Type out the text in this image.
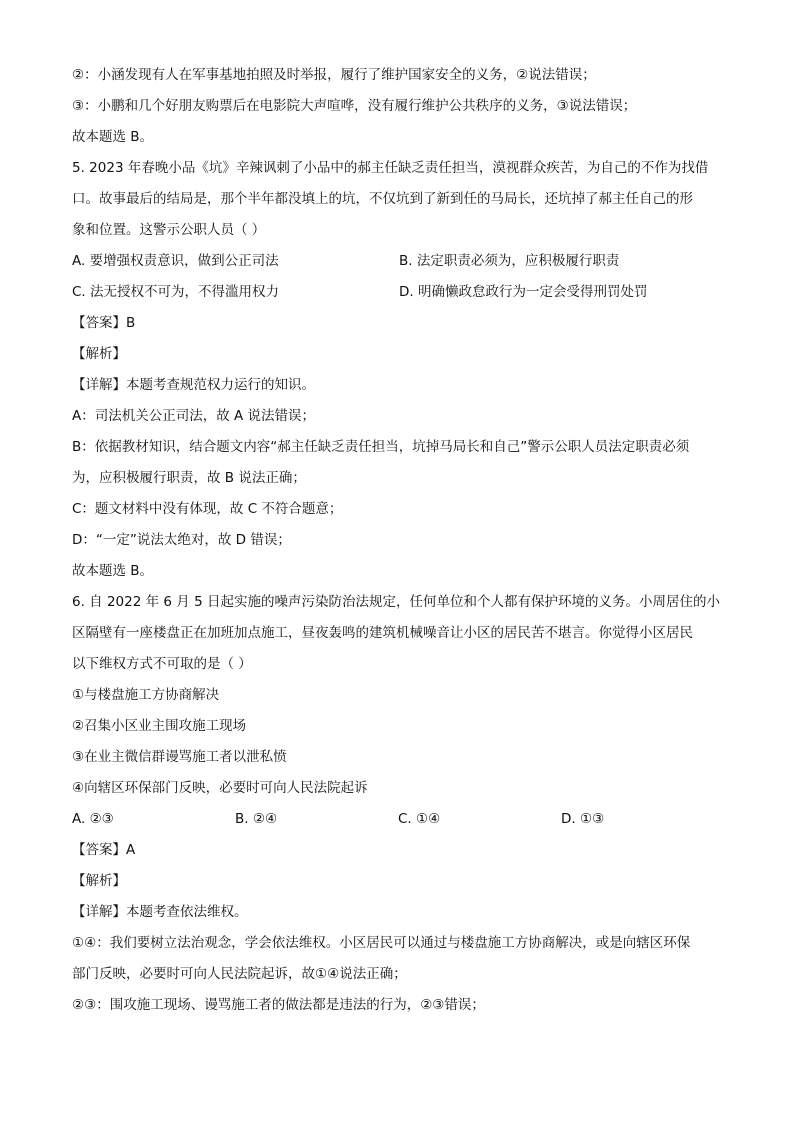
②：小涵发现有人在军事基地拍照及时举报，履行了维护国家安全的义务，②说法错误；
③：小鹏和几个好朋友购票后在电影院大声喧哗，没有履行维护公共秩序的义务，③说法错误；
故本题选 B。
5. 2023 年春晚小品《坑》辛辣讽刺了小品中的郝主任缺乏责任担当，漠视群众疾苦，为自己的不作为找借
口。故事最后的结局是，那个半年都没填上的坑，不仅坑到了新到任的马局长，还坑掉了郝主任自己的形
象和位置。这警示公职人员（ ）
A. 要增强权责意识，做到公正司法	B. 法定职责必须为，应积极履行职责
C. 法无授权不可为，不得滥用权力	D. 明确懒政怠政行为一定会受得刑罚处罚
【答案】B
【解析】
【详解】本题考查规范权力运行的知识。
A：司法机关公正司法，故 A 说法错误；
B：依据教材知识，结合题文内容“郝主任缺乏责任担当，坑掉马局长和自己”警示公职人员法定职责必须
为，应积极履行职责，故 B 说法正确；
C：题文材料中没有体现，故 C 不符合题意；
D：“一定”说法太绝对，故 D 错误；
故本题选 B。
6. 自 2022 年 6 月 5 日起实施的噪声污染防治法规定，任何单位和个人都有保护环境的义务。小周居住的小
区隔壁有一座楼盘正在加班加点施工，昼夜轰鸣的建筑机械噪音让小区的居民苦不堪言。你觉得小区居民
以下维权方式不可取的是（ ）
①与楼盘施工方协商解决
②召集小区业主围攻施工现场
③在业主微信群谩骂施工者以泄私愤
④向辖区环保部门反映，必要时可向人民法院起诉
A. ②③	B. ②④	C. ①④	D. ①③
【答案】A
【解析】
【详解】本题考查依法维权。
①④：我们要树立法治观念，学会依法维权。小区居民可以通过与楼盘施工方协商解决，或是向辖区环保
部门反映，必要时可向人民法院起诉，故①④说法正确；
②③：围攻施工现场、谩骂施工者的做法都是违法的行为，②③错误；
